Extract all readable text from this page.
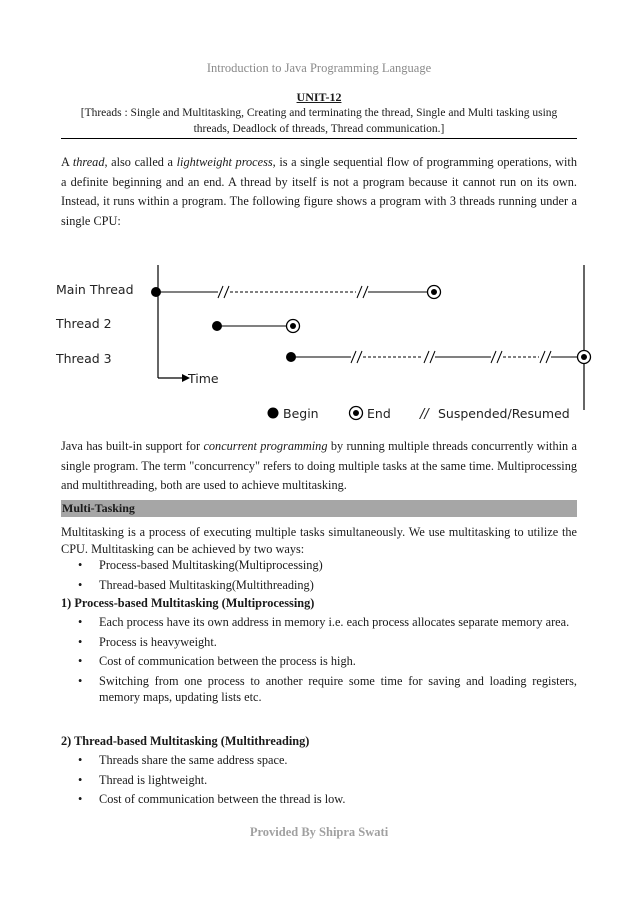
Introduction to Java Programming Language
UNIT-12
[Threads : Single and Multitasking, Creating and terminating the thread, Single and Multi tasking using threads, Deadlock of threads, Thread communication.]
A thread, also called a lightweight process, is a single sequential flow of programming operations, with a definite beginning and an end. A thread by itself is not a program because it cannot run on its own. Instead, it runs within a program. The following figure shows a program with 3 threads running under a single CPU:
Main Thread
Thread 2
Thread 3
Time
Begin	End // Suspended/Resumed
Java has built-in support for concurrent programming by running multiple threads concurrently within a single program. The term "concurrency" refers to doing multiple tasks at the same time. Multiprocessing and multithreading, both are used to achieve multitasking.
Multi-Tasking
Multitasking is a process of executing multiple tasks simultaneously. We use multitasking to utilize the CPU. Multitasking can be achieved by two ways:
• Process-based Multitasking(Multiprocessing)
• Thread-based Multitasking(Multithreading)
1) Process-based Multitasking (Multiprocessing)
• Each process have its own address in memory i.e. each process allocates separate memory area.
• Process is heavyweight.
• Cost of communication between the process is high.
• Switching from one process to another require some time for saving and loading registers, memory maps, updating lists etc.
2) Thread-based Multitasking (Multithreading)
• Threads share the same address space.
• Thread is lightweight.
• Cost of communication between the thread is low.
Provided By Shipra Swati
